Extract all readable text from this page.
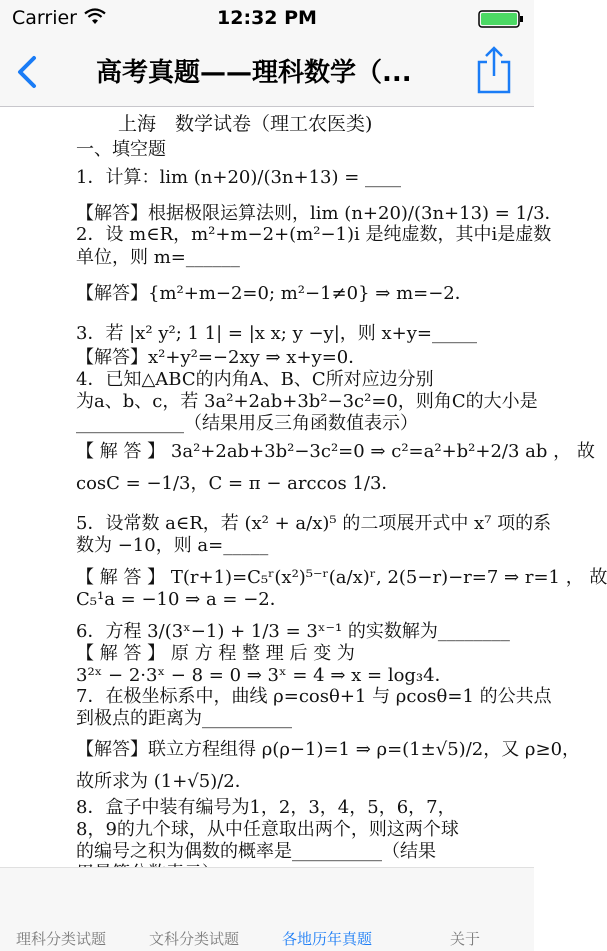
Carrier	12:32 PM
高考真题——理科数学（...
上海　数学试卷（理工农医类)
一、填空题
1．计算：lim (n+20)/(3n+13) = ____
【解答】根据极限运算法则，lim (n+20)/(3n+13) = 1/3．
2．设 m∈R，m²+m−2+(m²−1)i 是纯虚数，其中i是虚数
单位，则 m=______
【解答】{m²+m−2=0; m²−1≠0} ⇒ m=−2．
3．若 |x² y²; 1 1| = |x x; y −y|，则 x+y=_____
【解答】x²+y²=−2xy ⇒ x+y=0．
4．已知△ABC的内角A、B、C所对应边分别
为a、b、c，若 3a²+2ab+3b²−3c²=0，则角C的大小是
____________（结果用反三角函数值表示）
【 解 答 】 3a²+2ab+3b²−3c²=0 ⇒ c²=a²+b²+2/3 ab ， 故
cosC = −1/3，C = π − arccos 1/3．
5．设常数 a∈R，若 (x² + a/x)⁵ 的二项展开式中 x⁷ 项的系
数为 −10，则 a=_____
【 解 答 】 T(r+1)=C₅ʳ(x²)⁵⁻ʳ(a/x)ʳ, 2(5−r)−r=7 ⇒ r=1 ， 故
C₅¹a = −10 ⇒ a = −2．
6．方程 3/(3ˣ−1) + 1/3 = 3ˣ⁻¹ 的实数解为________
【 解 答 】 原 方 程 整 理 后 变 为
3²ˣ − 2·3ˣ − 8 = 0 ⇒ 3ˣ = 4 ⇒ x = log₃4．
7．在极坐标系中，曲线 ρ=cosθ+1 与 ρcosθ=1 的公共点
到极点的距离为__________
【解答】联立方程组得 ρ(ρ−1)=1 ⇒ ρ=(1±√5)/2，又 ρ≥0，
故所求为 (1+√5)/2．
8．盒子中装有编号为1，2，3，4，5，6，7，
8，9的九个球，从中任意取出两个，则这两个球
的编号之积为偶数的概率是__________（结果
理科分类试题	文科分类试题	各地历年真题	关于
